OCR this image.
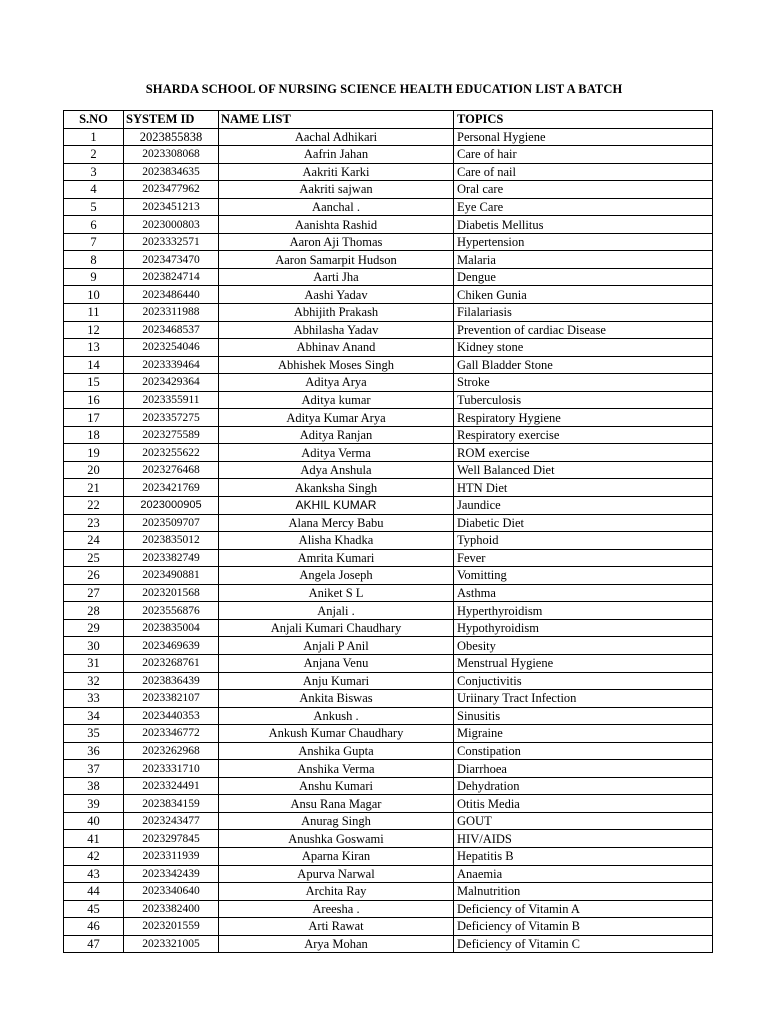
SHARDA SCHOOL OF NURSING SCIENCE HEALTH EDUCATION LIST A BATCH
S.NO	SYSTEM ID	NAME LIST	TOPICS
1	2023855838	Aachal Adhikari	Personal Hygiene
2	2023308068	Aafrin Jahan	Care of hair
3	2023834635	Aakriti Karki	Care of nail
4	2023477962	Aakriti sajwan	Oral care
5	2023451213	Aanchal .	Eye Care
6	2023000803	Aanishta Rashid	Diabetis Mellitus
7	2023332571	Aaron Aji Thomas	Hypertension
8	2023473470	Aaron Samarpit Hudson	Malaria
9	2023824714	Aarti Jha	Dengue
10	2023486440	Aashi Yadav	Chiken Gunia
11	2023311988	Abhijith Prakash	Filalariasis
12	2023468537	Abhilasha Yadav	Prevention of cardiac Disease
13	2023254046	Abhinav Anand	Kidney stone
14	2023339464	Abhishek Moses Singh	Gall Bladder Stone
15	2023429364	Aditya Arya	Stroke
16	2023355911	Aditya kumar	Tuberculosis
17	2023357275	Aditya Kumar Arya	Respiratory Hygiene
18	2023275589	Aditya Ranjan	Respiratory exercise
19	2023255622	Aditya Verma	ROM exercise
20	2023276468	Adya Anshula	Well Balanced Diet
21	2023421769	Akanksha Singh	HTN Diet
22	2023000905	AKHIL KUMAR	Jaundice
23	2023509707	Alana Mercy Babu	Diabetic Diet
24	2023835012	Alisha Khadka	Typhoid
25	2023382749	Amrita Kumari	Fever
26	2023490881	Angela Joseph	Vomitting
27	2023201568	Aniket S L	Asthma
28	2023556876	Anjali .	Hyperthyroidism
29	2023835004	Anjali Kumari Chaudhary	Hypothyroidism
30	2023469639	Anjali P Anil	Obesity
31	2023268761	Anjana Venu	Menstrual Hygiene
32	2023836439	Anju Kumari	Conjuctivitis
33	2023382107	Ankita Biswas	Uriinary Tract Infection
34	2023440353	Ankush .	Sinusitis
35	2023346772	Ankush Kumar Chaudhary	Migraine
36	2023262968	Anshika Gupta	Constipation
37	2023331710	Anshika Verma	Diarrhoea
38	2023324491	Anshu Kumari	Dehydration
39	2023834159	Ansu Rana Magar	Otitis Media
40	2023243477	Anurag Singh	GOUT
41	2023297845	Anushka Goswami	HIV/AIDS
42	2023311939	Aparna Kiran	Hepatitis B
43	2023342439	Apurva Narwal	Anaemia
44	2023340640	Archita Ray	Malnutrition
45	2023382400	Areesha .	Deficiency of Vitamin A
46	2023201559	Arti Rawat	Deficiency of Vitamin B
47	2023321005	Arya Mohan	Deficiency of Vitamin C
